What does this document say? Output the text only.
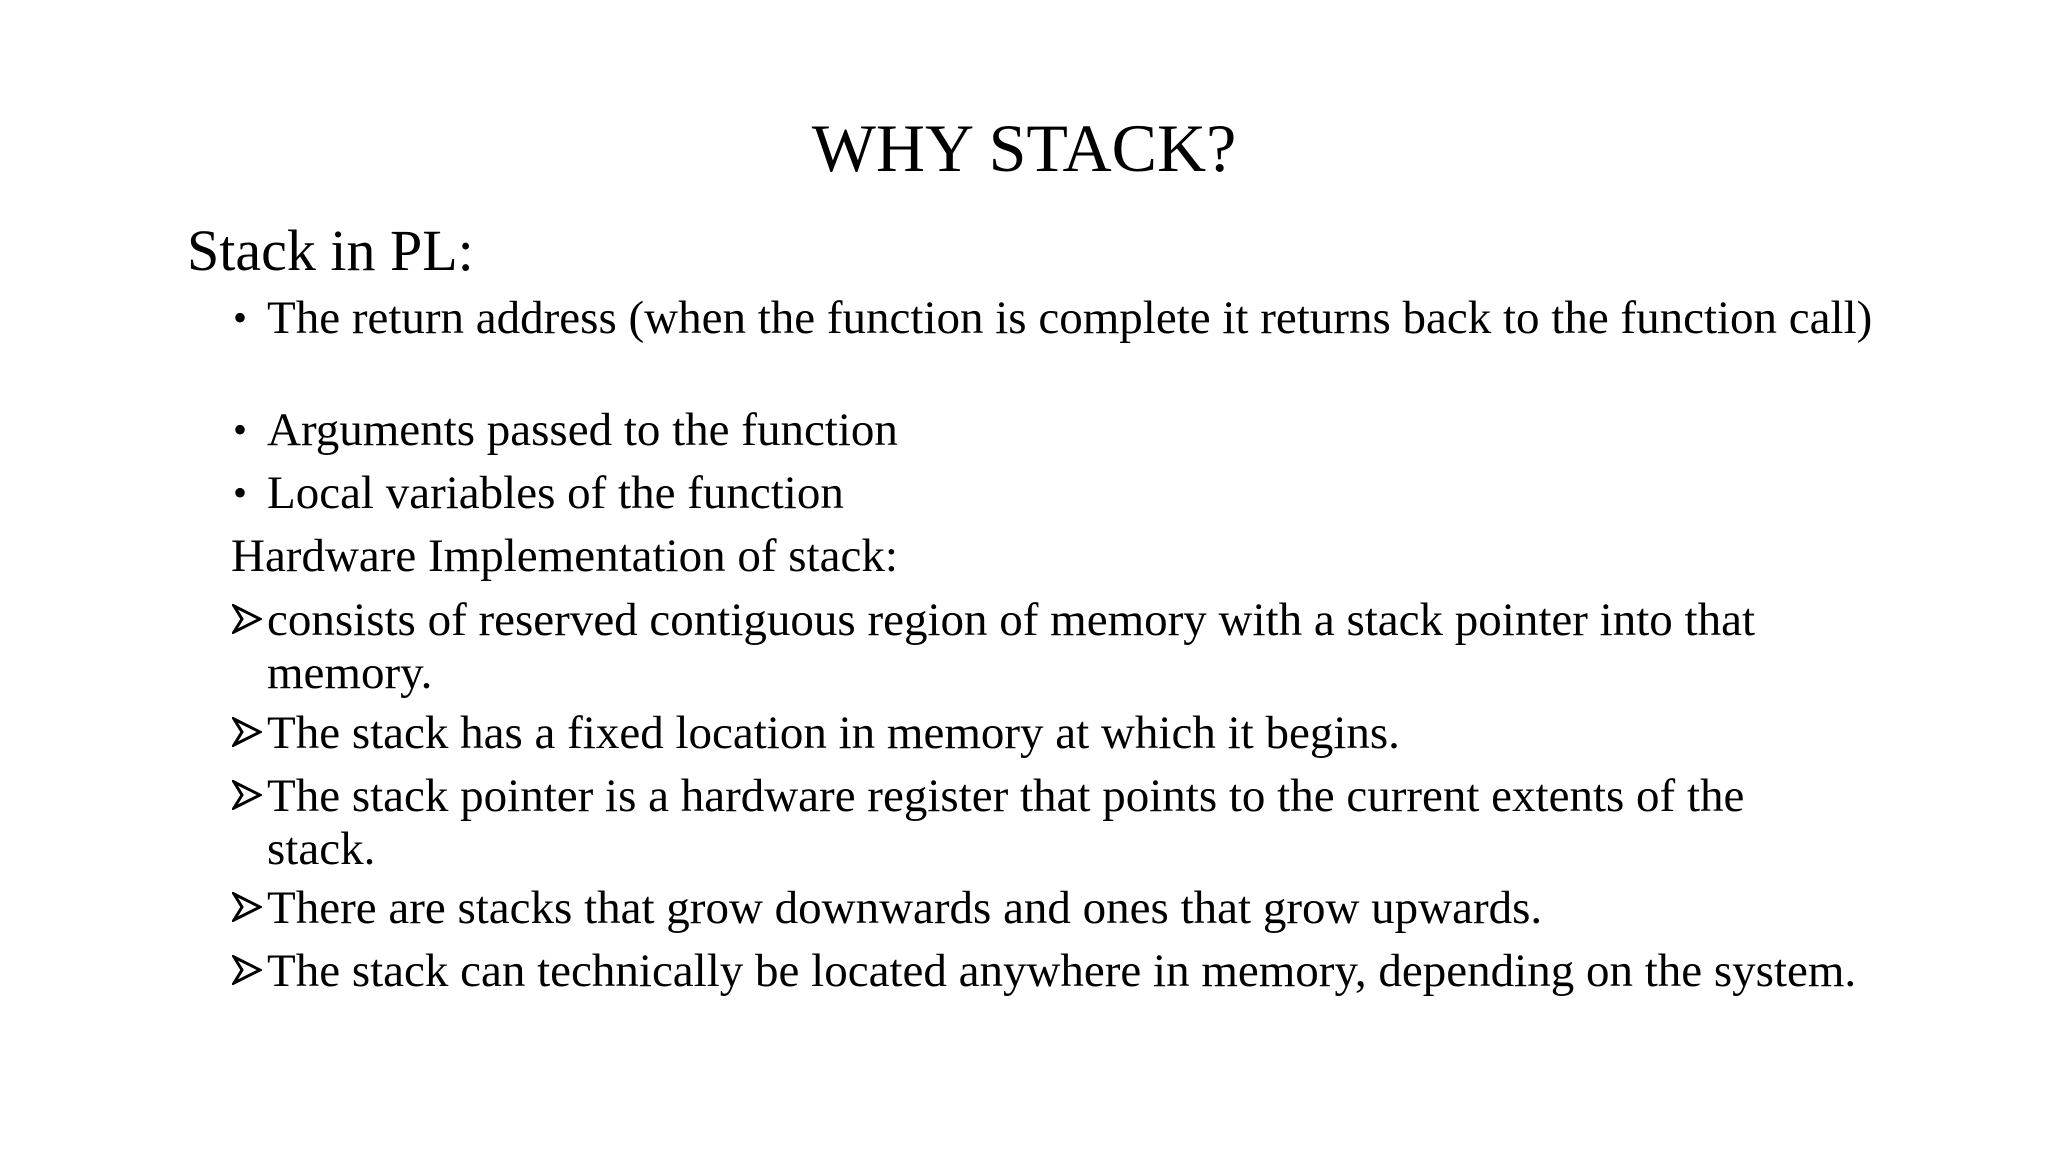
WHY STACK?
Stack in PL:
• The return address (when the function is complete it returns back to the function call)
• Arguments passed to the function
• Local variables of the function
Hardware Implementation of stack:
consists of reserved contiguous region of memory with a stack pointer into that memory.
The stack has a fixed location in memory at which it begins.
The stack pointer is a hardware register that points to the current extents of the stack.
There are stacks that grow downwards and ones that grow upwards.
The stack can technically be located anywhere in memory, depending on the system.
